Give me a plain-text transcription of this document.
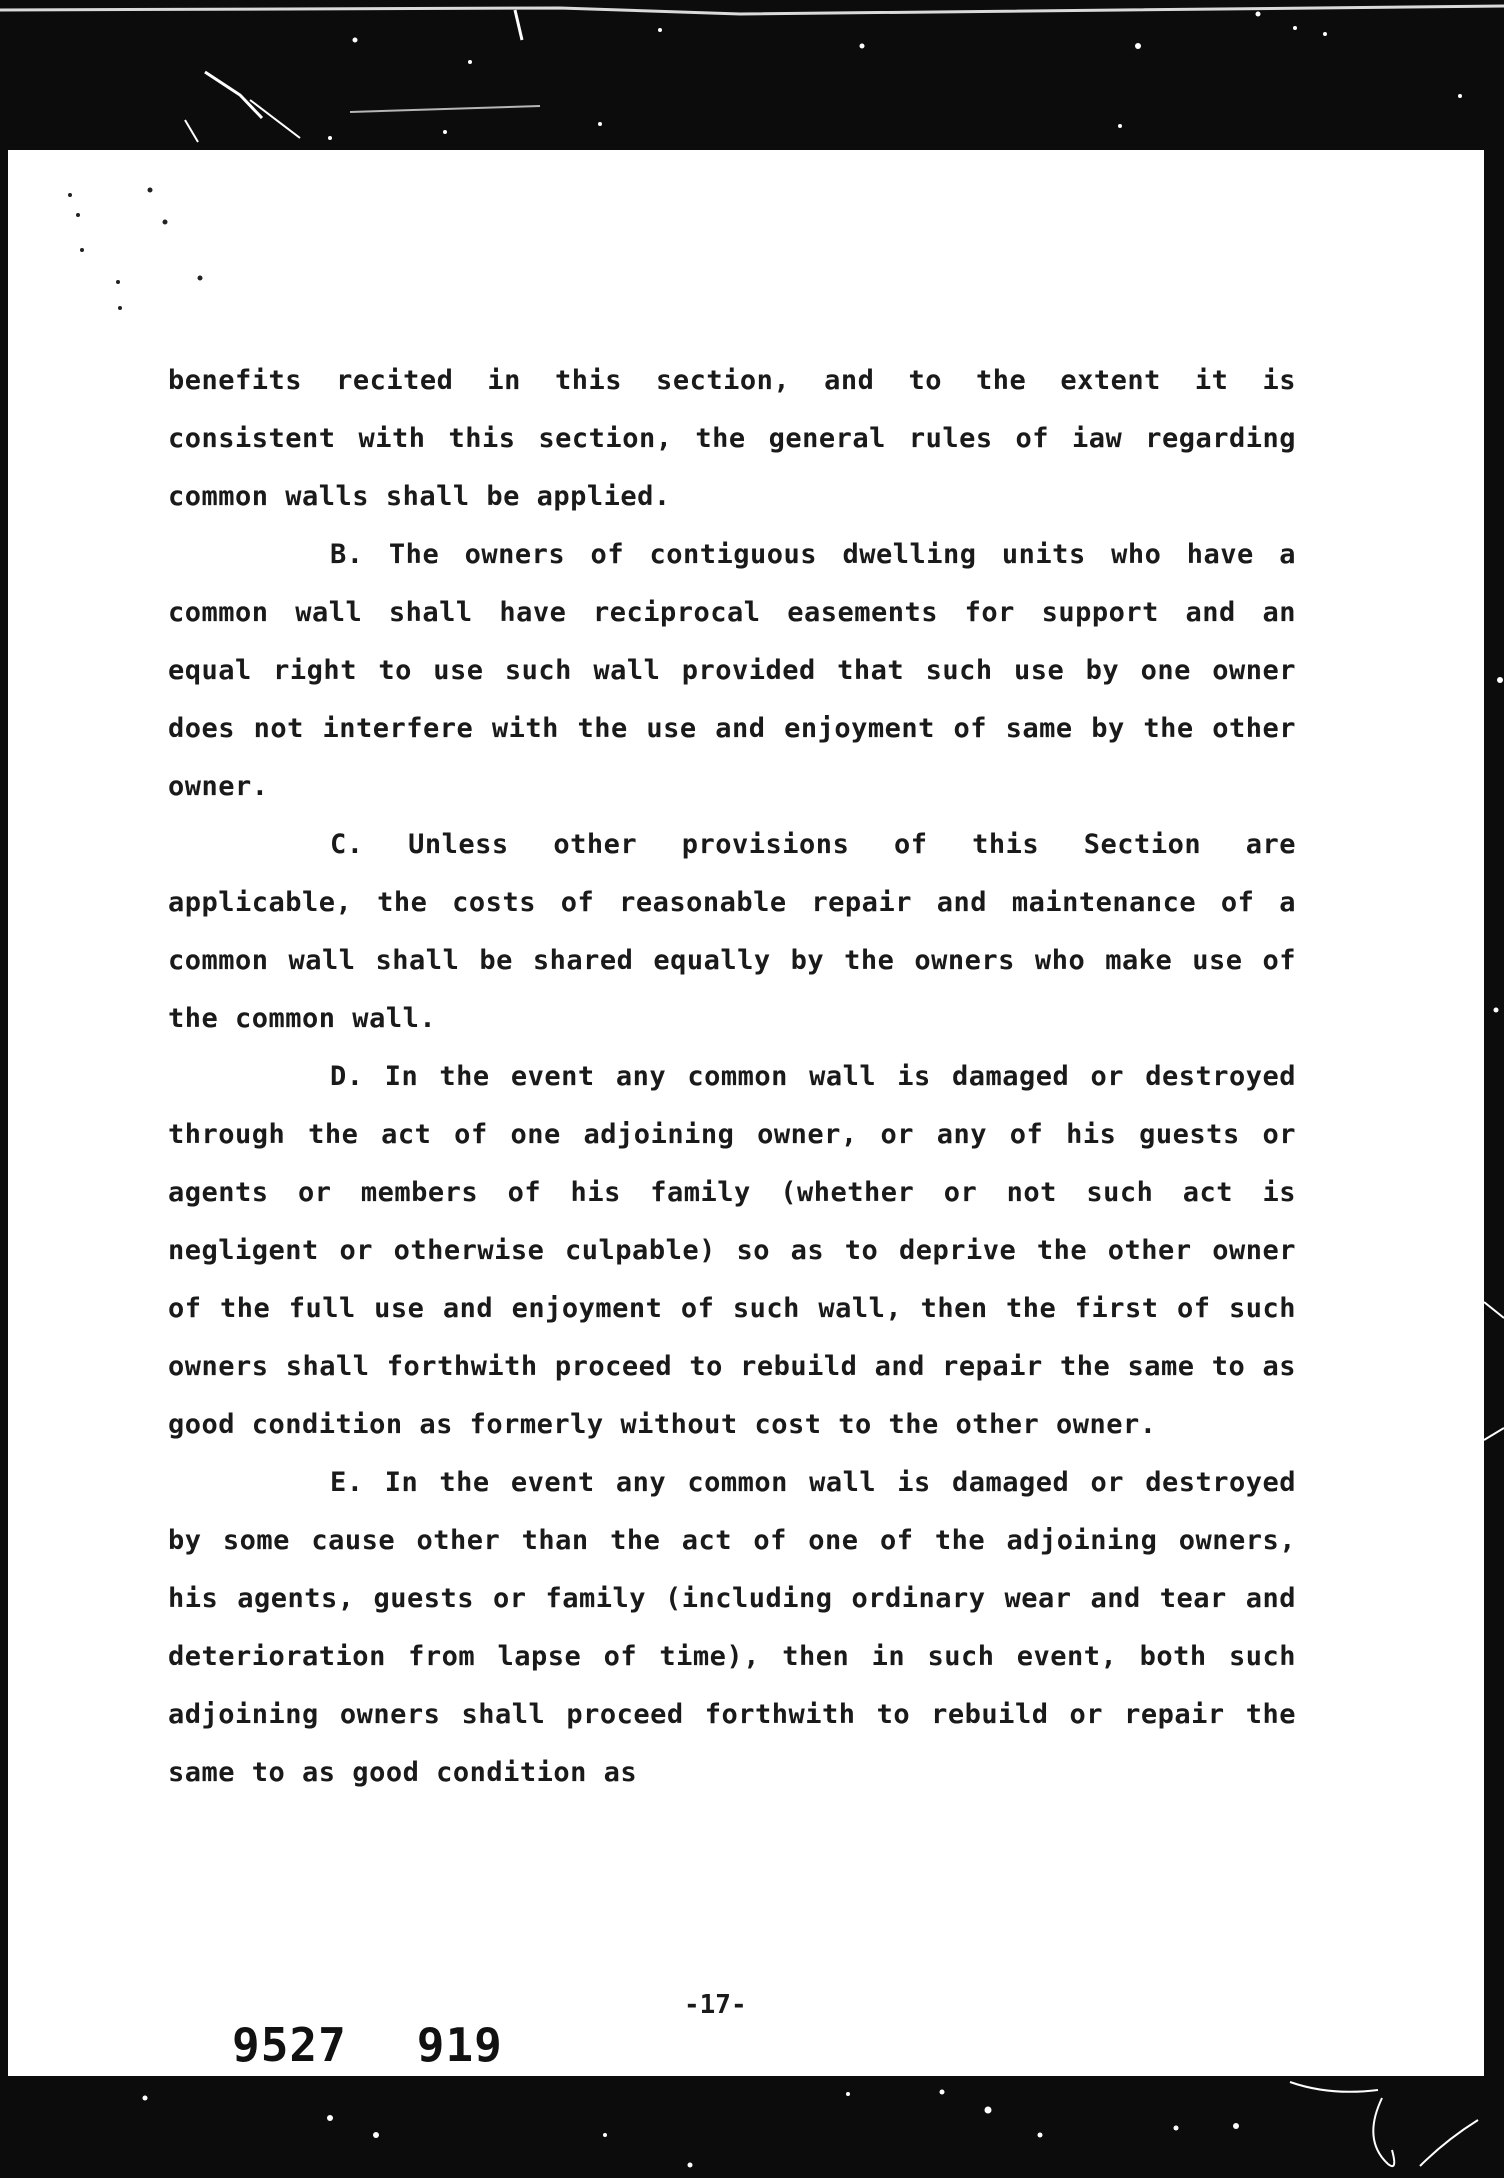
benefits recited in this section, and to the extent it is consistent with this section, the general rules of iaw regarding common walls shall be applied.

B. The owners of contiguous dwelling units who have a common wall shall have reciprocal easements for support and an equal right to use such wall provided that such use by one owner does not interfere with the use and enjoyment of same by the other owner.

C. Unless other provisions of this Section are applicable, the costs of reasonable repair and maintenance of a common wall shall be shared equally by the owners who make use of the common wall.

D. In the event any common wall is damaged or destroyed through the act of one adjoining owner, or any of his guests or agents or members of his family (whether or not such act is negligent or otherwise culpable) so as to deprive the other owner of the full use and enjoyment of such wall, then the first of such owners shall forthwith proceed to rebuild and repair the same to as good condition as formerly without cost to the other owner.

E. In the event any common wall is damaged or destroyed by some cause other than the act of one of the adjoining owners, his agents, guests or family (including ordinary wear and tear and deterioration from lapse of time), then in such event, both such adjoining owners shall proceed forthwith to rebuild or repair the same to as good condition as

-17-
9527 919
